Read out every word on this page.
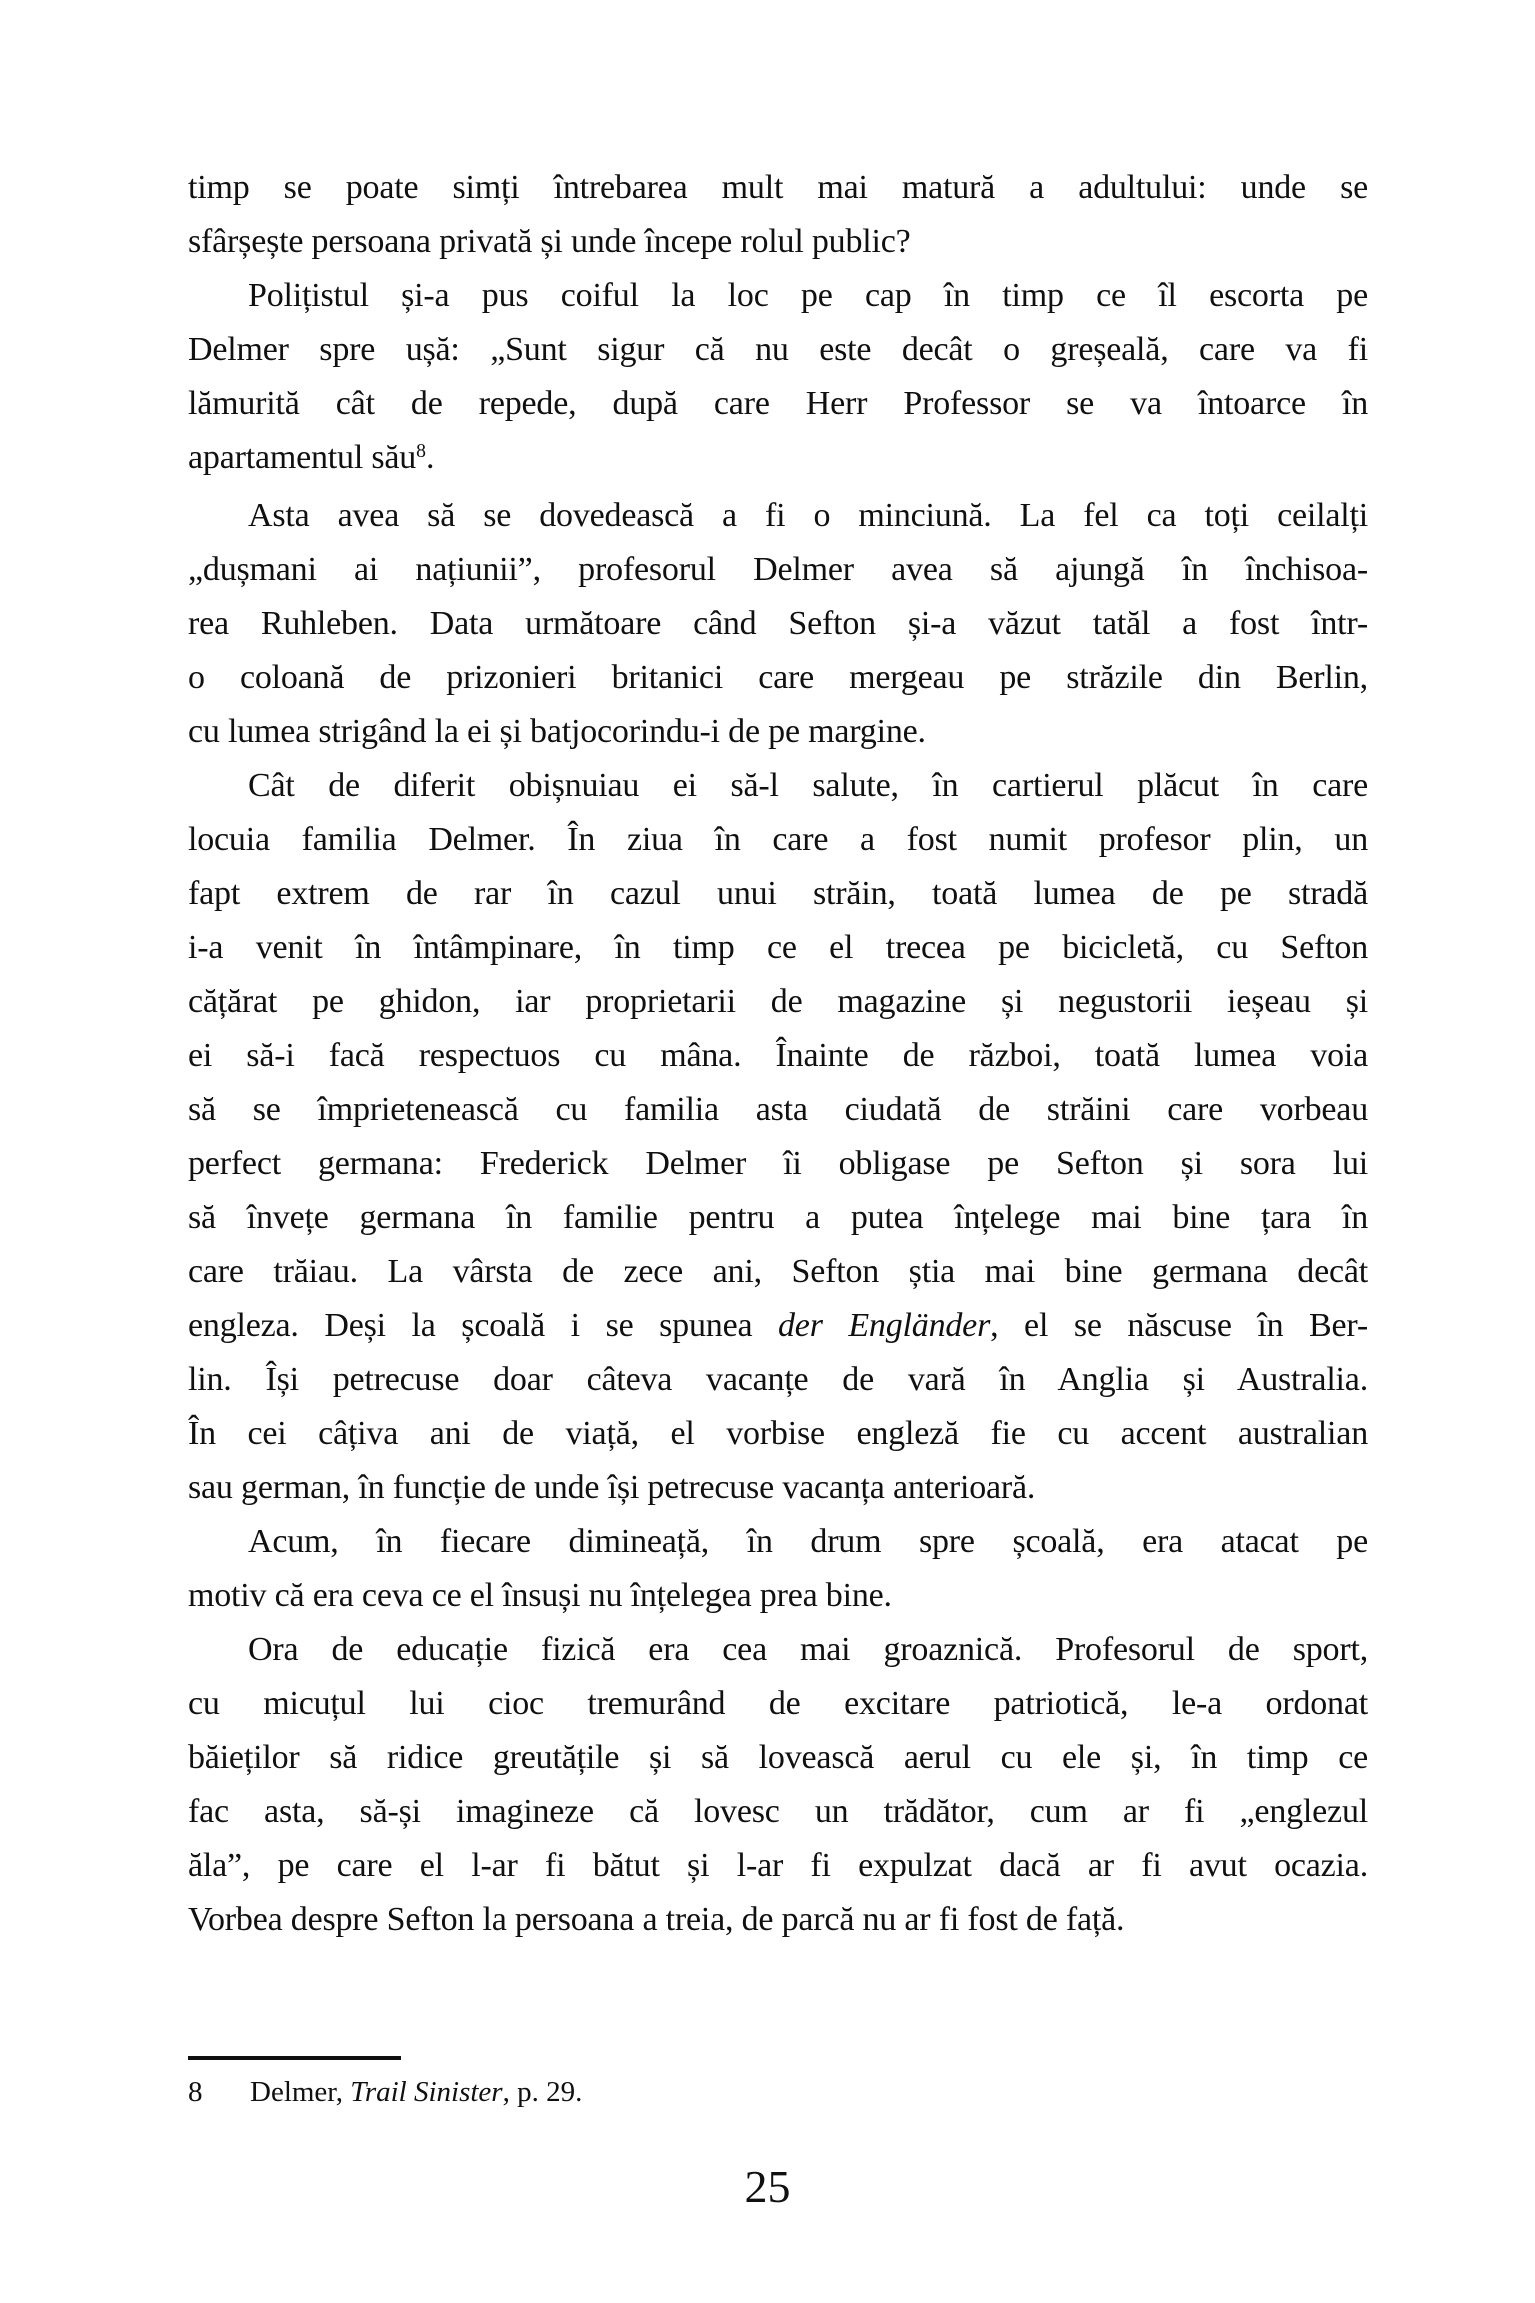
timp se poate simți întrebarea mult mai matură a adultului: unde se
sfârșește persoana privată și unde începe rolul public?
Polițistul și-a pus coiful la loc pe cap în timp ce îl escorta pe
Delmer spre ușă: „Sunt sigur că nu este decât o greșeală, care va fi
lămurită cât de repede, după care Herr Professor se va întoarce în
apartamentul său$^8$.
Asta avea să se dovedească a fi o minciună. La fel ca toți ceilalți
„dușmani ai națiunii”, profesorul Delmer avea să ajungă în închisoa-
rea Ruhleben. Data următoare când Sefton și-a văzut tatăl a fost într-
o coloană de prizonieri britanici care mergeau pe străzile din Berlin,
cu lumea strigând la ei și batjocorindu-i de pe margine.
Cât de diferit obișnuiau ei să-l salute, în cartierul plăcut în care
locuia familia Delmer. În ziua în care a fost numit profesor plin, un
fapt extrem de rar în cazul unui străin, toată lumea de pe stradă
i-a venit în întâmpinare, în timp ce el trecea pe bicicletă, cu Sefton
cățărat pe ghidon, iar proprietarii de magazine și negustorii ieșeau și
ei să-i facă respectuos cu mâna. Înainte de război, toată lumea voia
să se împrietenească cu familia asta ciudată de străini care vorbeau
perfect germana: Frederick Delmer îi obligase pe Sefton și sora lui
să învețe germana în familie pentru a putea înțelege mai bine țara în
care trăiau. La vârsta de zece ani, Sefton știa mai bine germana decât
engleza. Deși la școală i se spunea der Engländer, el se născuse în Ber-
lin. Își petrecuse doar câteva vacanțe de vară în Anglia și Australia.
În cei câțiva ani de viață, el vorbise engleză fie cu accent australian
sau german, în funcție de unde își petrecuse vacanța anterioară.
Acum, în fiecare dimineață, în drum spre școală, era atacat pe
motiv că era ceva ce el însuși nu înțelegea prea bine.
Ora de educație fizică era cea mai groaznică. Profesorul de sport,
cu micuțul lui cioc tremurând de excitare patriotică, le-a ordonat
băieților să ridice greutățile și să lovească aerul cu ele și, în timp ce
fac asta, să-și imagineze că lovesc un trădător, cum ar fi „englezul
ăla”, pe care el l-ar fi bătut și l-ar fi expulzat dacă ar fi avut ocazia.
Vorbea despre Sefton la persoana a treia, de parcă nu ar fi fost de față.
8 Delmer, Trail Sinister, p. 29.
25
